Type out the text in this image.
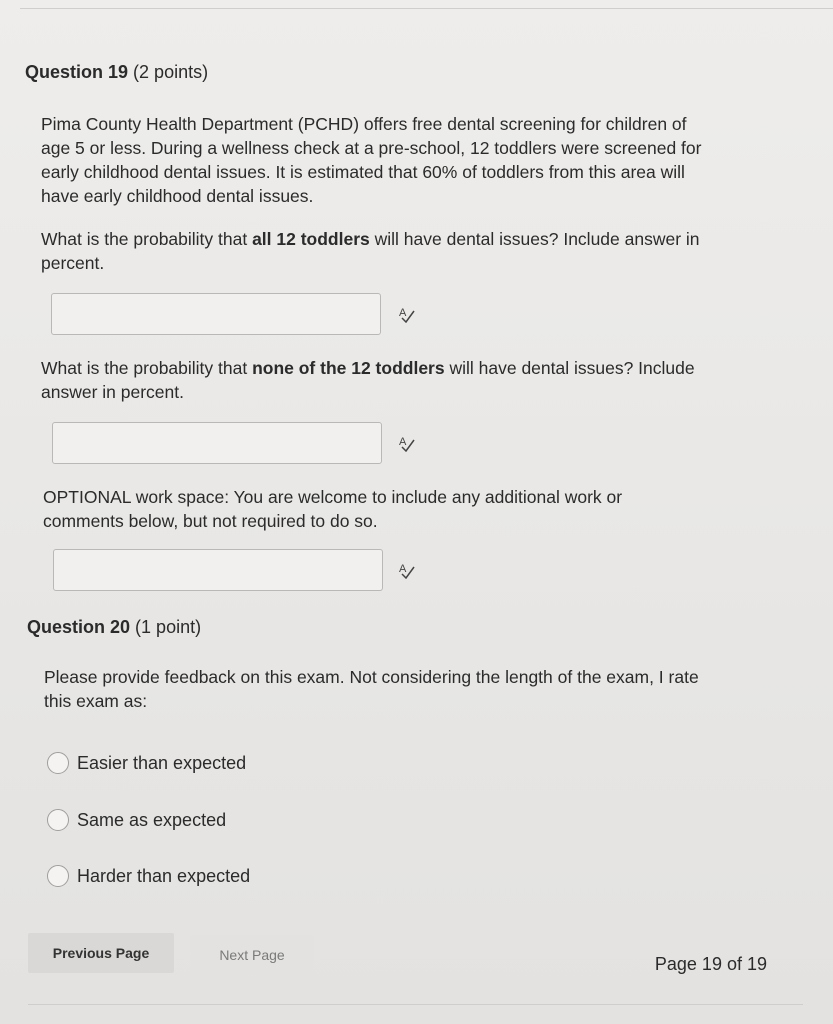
Question 19 (2 points)
Pima County Health Department (PCHD) offers free dental screening for children of
age 5 or less. During a wellness check at a pre-school, 12 toddlers were screened for
early childhood dental issues. It is estimated that 60% of toddlers from this area will
have early childhood dental issues.
What is the probability that all 12 toddlers will have dental issues? Include answer in
percent.
A
What is the probability that none of the 12 toddlers will have dental issues? Include
answer in percent.
A
OPTIONAL work space: You are welcome to include any additional work or
comments below, but not required to do so.
A
Question 20 (1 point)
Please provide feedback on this exam. Not considering the length of the exam, I rate
this exam as:
Easier than expected
Same as expected
Harder than expected
Previous Page	Next Page	Page 19 of 19
